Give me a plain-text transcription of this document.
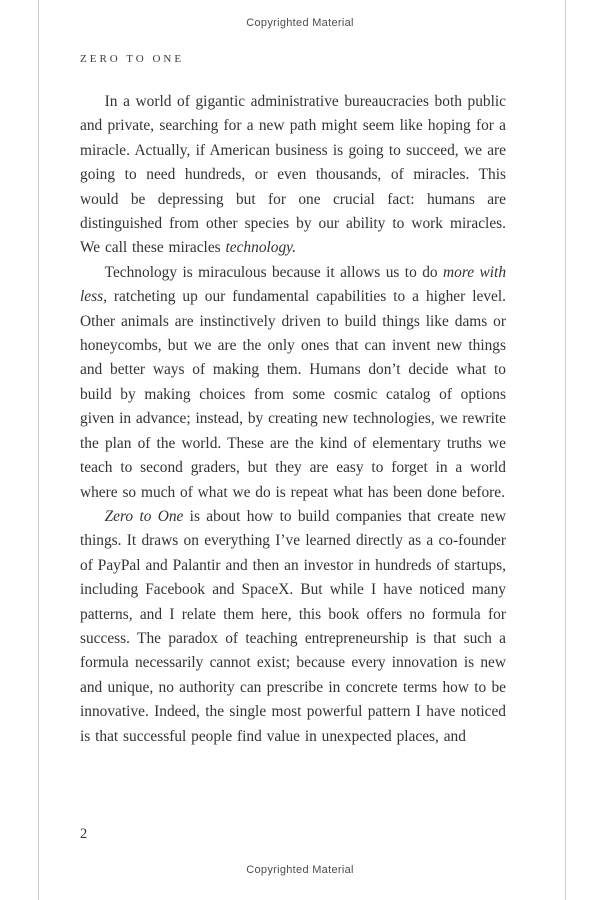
Copyrighted Material
ZERO TO ONE

In a world of gigantic administrative bureaucracies both public and private, searching for a new path might seem like hoping for a miracle. Actually, if American business is going to succeed, we are going to need hundreds, or even thousands, of miracles. This would be depressing but for one crucial fact: humans are distinguished from other species by our ability to work miracles. We call these miracles technology.

Technology is miraculous because it allows us to do more with less, ratcheting up our fundamental capabilities to a higher level. Other animals are instinctively driven to build things like dams or honeycombs, but we are the only ones that can invent new things and better ways of making them. Humans don’t decide what to build by making choices from some cosmic catalog of options given in advance; instead, by creating new technologies, we rewrite the plan of the world. These are the kind of elementary truths we teach to second graders, but they are easy to forget in a world where so much of what we do is repeat what has been done before.

Zero to One is about how to build companies that create new things. It draws on everything I’ve learned directly as a co-founder of PayPal and Palantir and then an investor in hundreds of startups, including Facebook and SpaceX. But while I have noticed many patterns, and I relate them here, this book offers no formula for success. The paradox of teaching entrepreneurship is that such a formula necessarily cannot exist; because every innovation is new and unique, no authority can prescribe in concrete terms how to be innovative. Indeed, the single most powerful pattern I have noticed is that successful people find value in unexpected places, and

2
Copyrighted Material
